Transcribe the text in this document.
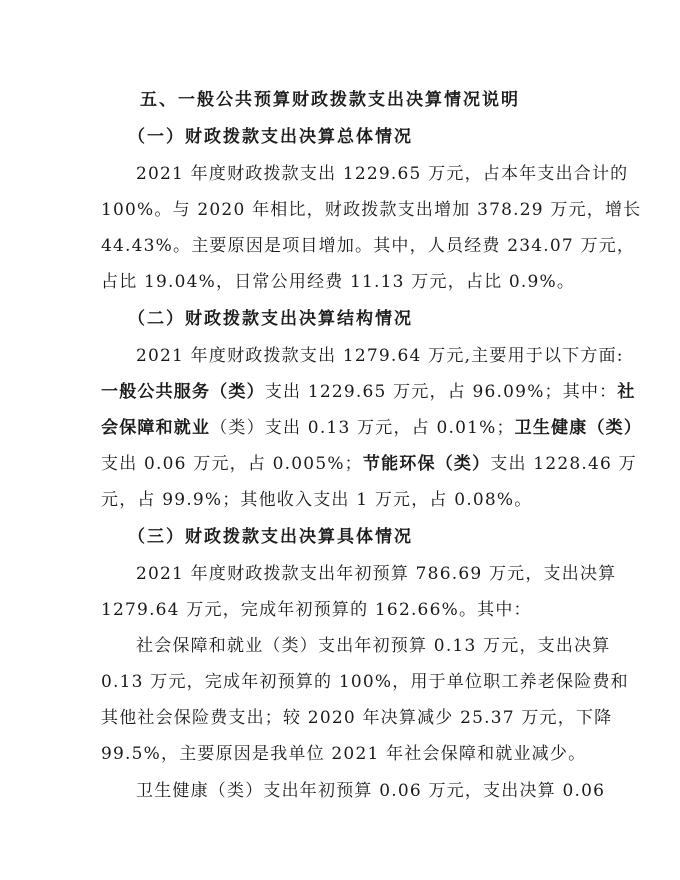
五、一般公共预算财政拨款支出决算情况说明
（一）财政拨款支出决算总体情况
2021 年度财政拨款支出 1229.65 万元，占本年支出合计的
100%。与 2020 年相比，财政拨款支出增加 378.29 万元，增长
44.43%。主要原因是项目增加。其中，人员经费 234.07 万元，
占比 19.04%，日常公用经费 11.13 万元，占比 0.9%。
（二）财政拨款支出决算结构情况
2021 年度财政拨款支出 1279.64 万元,主要用于以下方面:
一般公共服务（类）支出 1229.65 万元，占 96.09%；其中：社
会保障和就业（类）支出 0.13 万元，占 0.01%；卫生健康（类）
支出 0.06 万元，占 0.005%；节能环保（类）支出 1228.46 万
元，占 99.9%；其他收入支出 1 万元，占 0.08%。
（三）财政拨款支出决算具体情况
2021 年度财政拨款支出年初预算 786.69 万元，支出决算
1279.64 万元，完成年初预算的 162.66%。其中：
社会保障和就业（类）支出年初预算 0.13 万元，支出决算
0.13 万元，完成年初预算的 100%，用于单位职工养老保险费和
其他社会保险费支出；较 2020 年决算减少 25.37 万元，下降
99.5%，主要原因是我单位 2021 年社会保障和就业减少。
卫生健康（类）支出年初预算 0.06 万元，支出决算 0.06
